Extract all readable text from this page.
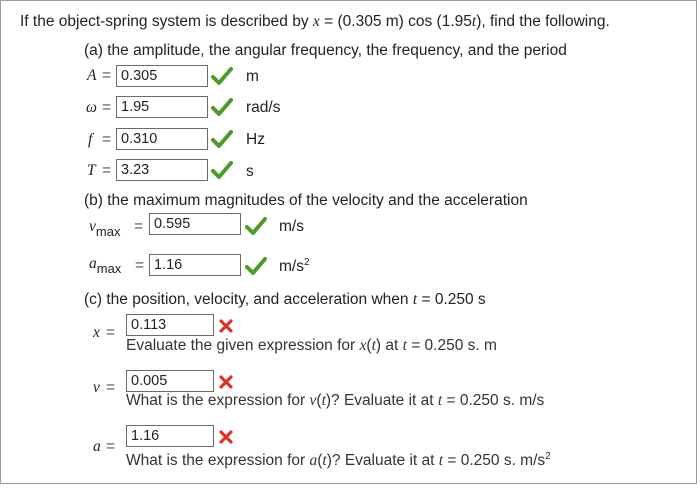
If the object-spring system is described by x = (0.305 m) cos (1.95t), find the following.
(a) the amplitude, the angular frequency, the frequency, and the period
A = 0.305	m
ω = 1.95	rad/s
f = 0.310	Hz
T = 3.23	s
(b) the maximum magnitudes of the velocity and the acceleration
$v_{max} = 0.595$	m/s
$a_{max} = 1.16$	$m/s^2$
(c) the position, velocity, and acceleration when t = 0.250 s
x =	0.113
Evaluate the given expression for x(t) at t = 0.250 s. m
v =	0.005
What is the expression for v(t)? Evaluate it at t = 0.250 s. m/s
a =
1.16
What is the expression for a(t)? Evaluate it at t = 0.250 s. $m/s^2$
